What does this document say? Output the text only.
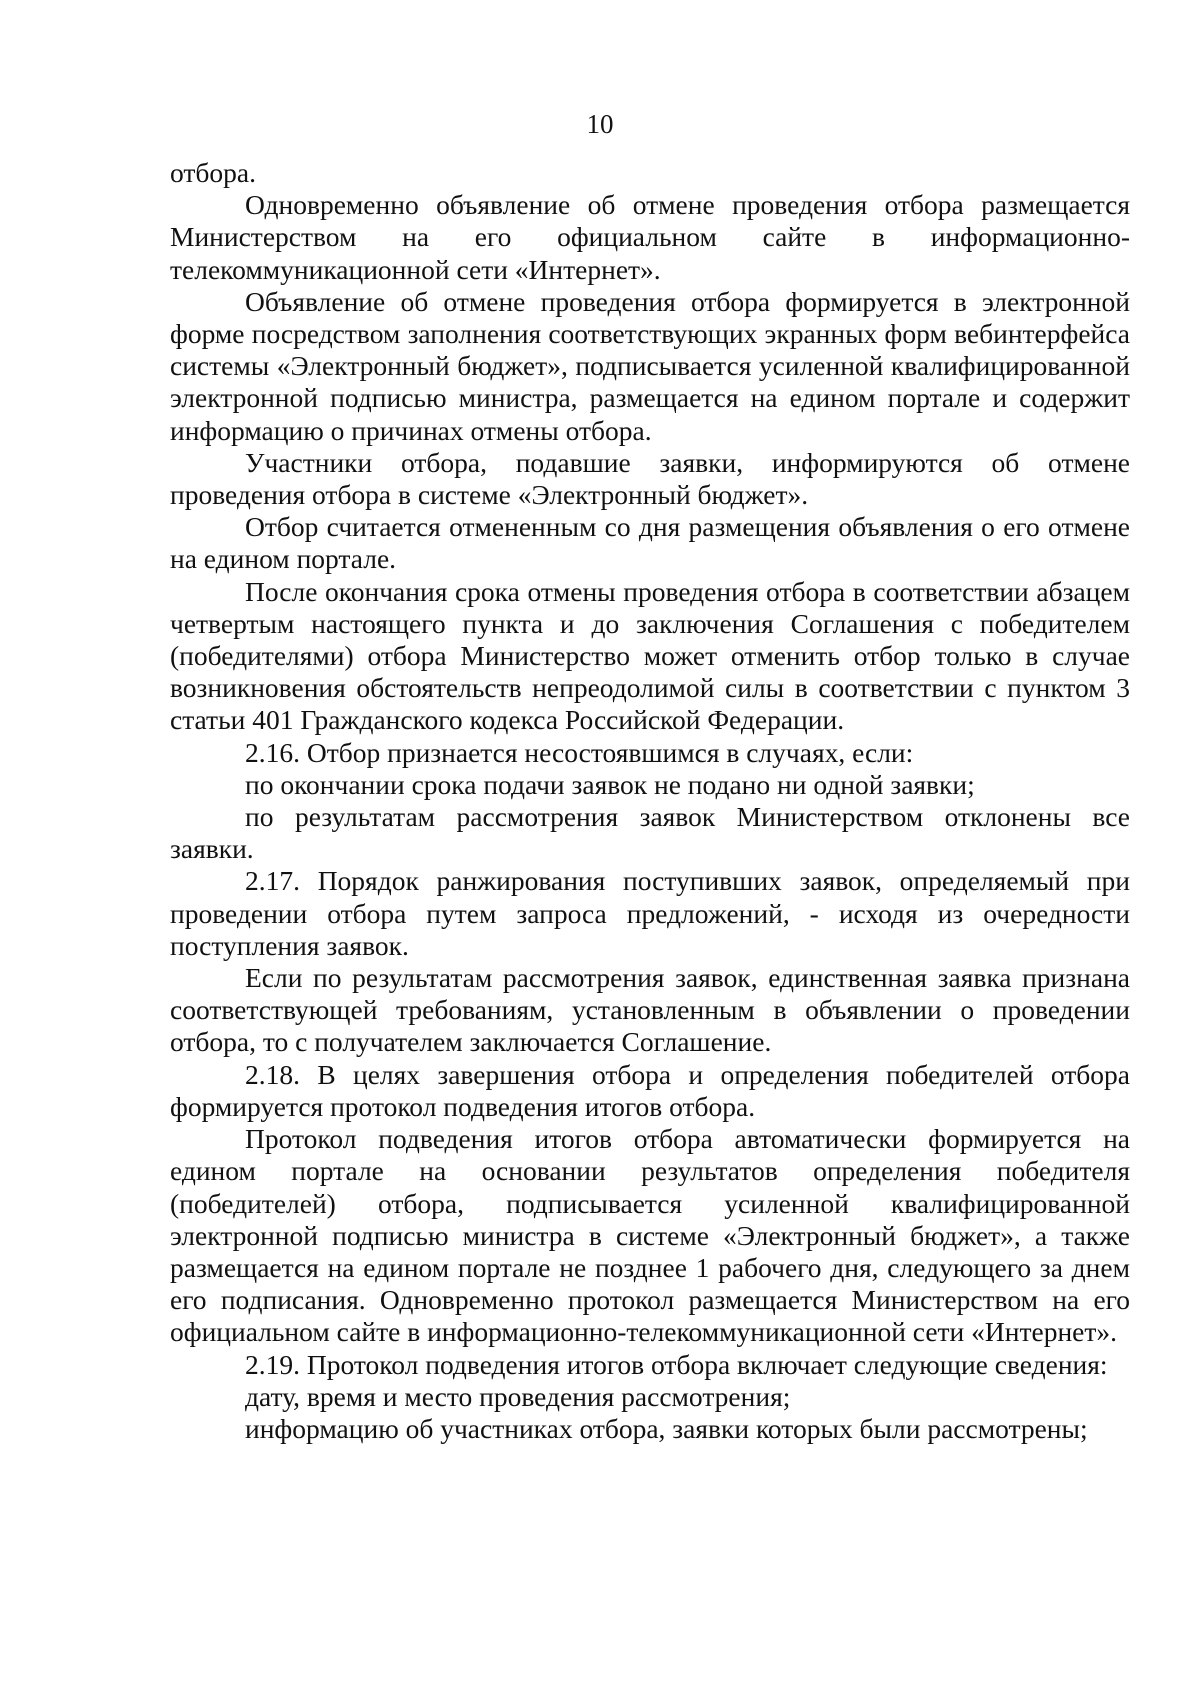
10

отбора.

Одновременно объявление об отмене проведения отбора размещается Министерством на его официальном сайте в информационно-телекоммуникационной сети «Интернет».

Объявление об отмене проведения отбора формируется в электронной форме посредством заполнения соответствующих экранных форм вебинтерфейса системы «Электронный бюджет», подписывается усиленной квалифицированной электронной подписью министра, размещается на едином портале и содержит информацию о причинах отмены отбора.

Участники отбора, подавшие заявки, информируются об отмене проведения отбора в системе «Электронный бюджет».

Отбор считается отмененным со дня размещения объявления о его отмене на едином портале.

После окончания срока отмены проведения отбора в соответствии абзацем четвертым настоящего пункта и до заключения Соглашения с победителем (победителями) отбора Министерство может отменить отбор только в случае возникновения обстоятельств непреодолимой силы в соответствии с пунктом 3 статьи 401 Гражданского кодекса Российской Федерации.

2.16. Отбор признается несостоявшимся в случаях, если:

по окончании срока подачи заявок не подано ни одной заявки;

по результатам рассмотрения заявок Министерством отклонены все заявки.

2.17. Порядок ранжирования поступивших заявок, определяемый при проведении отбора путем запроса предложений, - исходя из очередности поступления заявок.

Если по результатам рассмотрения заявок, единственная заявка признана соответствующей требованиям, установленным в объявлении о проведении отбора, то с получателем заключается Соглашение.

2.18. В целях завершения отбора и определения победителей отбора формируется протокол подведения итогов отбора.

Протокол подведения итогов отбора автоматически формируется на едином портале на основании результатов определения победителя (победителей) отбора, подписывается усиленной квалифицированной электронной подписью министра в системе «Электронный бюджет», а также размещается на едином портале не позднее 1 рабочего дня, следующего за днем его подписания. Одновременно протокол размещается Министерством на его официальном сайте в информационно-телекоммуникационной сети «Интернет».

2.19. Протокол подведения итогов отбора включает следующие сведения:

дату, время и место проведения рассмотрения;

информацию об участниках отбора, заявки которых были рассмотрены;
